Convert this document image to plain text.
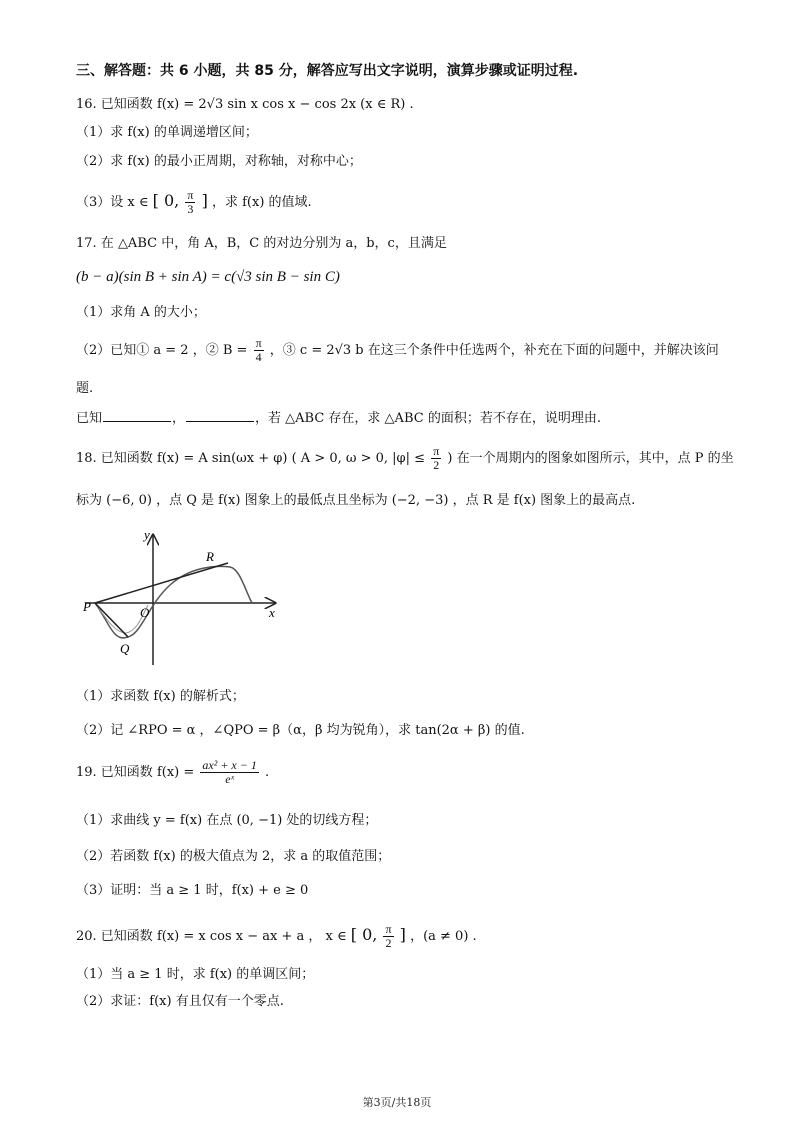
三、解答题：共 6 小题，共 85 分，解答应写出文字说明，演算步骤或证明过程.
16. 已知函数 f(x) = 2√3 sin x cos x − cos 2x (x ∈ R) .
（1）求 f(x) 的单调递增区间；
（2）求 f(x) 的最小正周期，对称轴，对称中心；
（3）设 x ∈ [ 0, $\frac{\pi}{3}$ ] ，求 f(x) 的值域.
17. 在 △ABC 中，角 A，B，C 的对边分别为 a，b，c，且满足
(b − a)(sin B + sin A) = c(√3 sin B − sin C)
（1）求角 A 的大小；
（2）已知① a = 2 ，② $B = \frac{\pi}{4}$ ，③ c = 2√3 b 在这三个条件中任选两个，补充在下面的问题中，并解决该问
题.
已知	，	，若 △ABC 存在，求 △ABC 的面积；若不存在，说明理由.
18. 已知函数 f(x) = A sin(ωx + φ) ( A > 0, ω > 0, $|\varphi| \le \frac{\pi}{2}$ ) 在一个周期内的图象如图所示，其中，点 P 的坐
标为 (−6, 0) ，点 Q 是 f(x) 图象上的最低点且坐标为 (−2, −3) ，点 R 是 f(x) 图象上的最高点.
y
x
O
P
Q
R
（1）求函数 f(x) 的解析式；
（2）记 ∠RPO = α ，∠QPO = β（α，β 均为锐角），求 tan(2α + β) 的值.
19. 已知函数 $f(x) = \frac{\text{ax² + x − 1}}{\text{eˣ}}$ .
（1）求曲线 y = f(x) 在点 (0, −1) 处的切线方程；
（2）若函数 f(x) 的极大值点为 2，求 a 的取值范围；
（3）证明：当 a ≥ 1 时，f(x) + e ≥ 0
20. 已知函数 f(x) = x cos x − ax + a ， x ∈ [ 0, $\frac{\pi}{2}$ ] ，(a ≠ 0) .
（1）当 a ≥ 1 时，求 f(x) 的单调区间；
（2）求证：f(x) 有且仅有一个零点.
第3页/共18页
